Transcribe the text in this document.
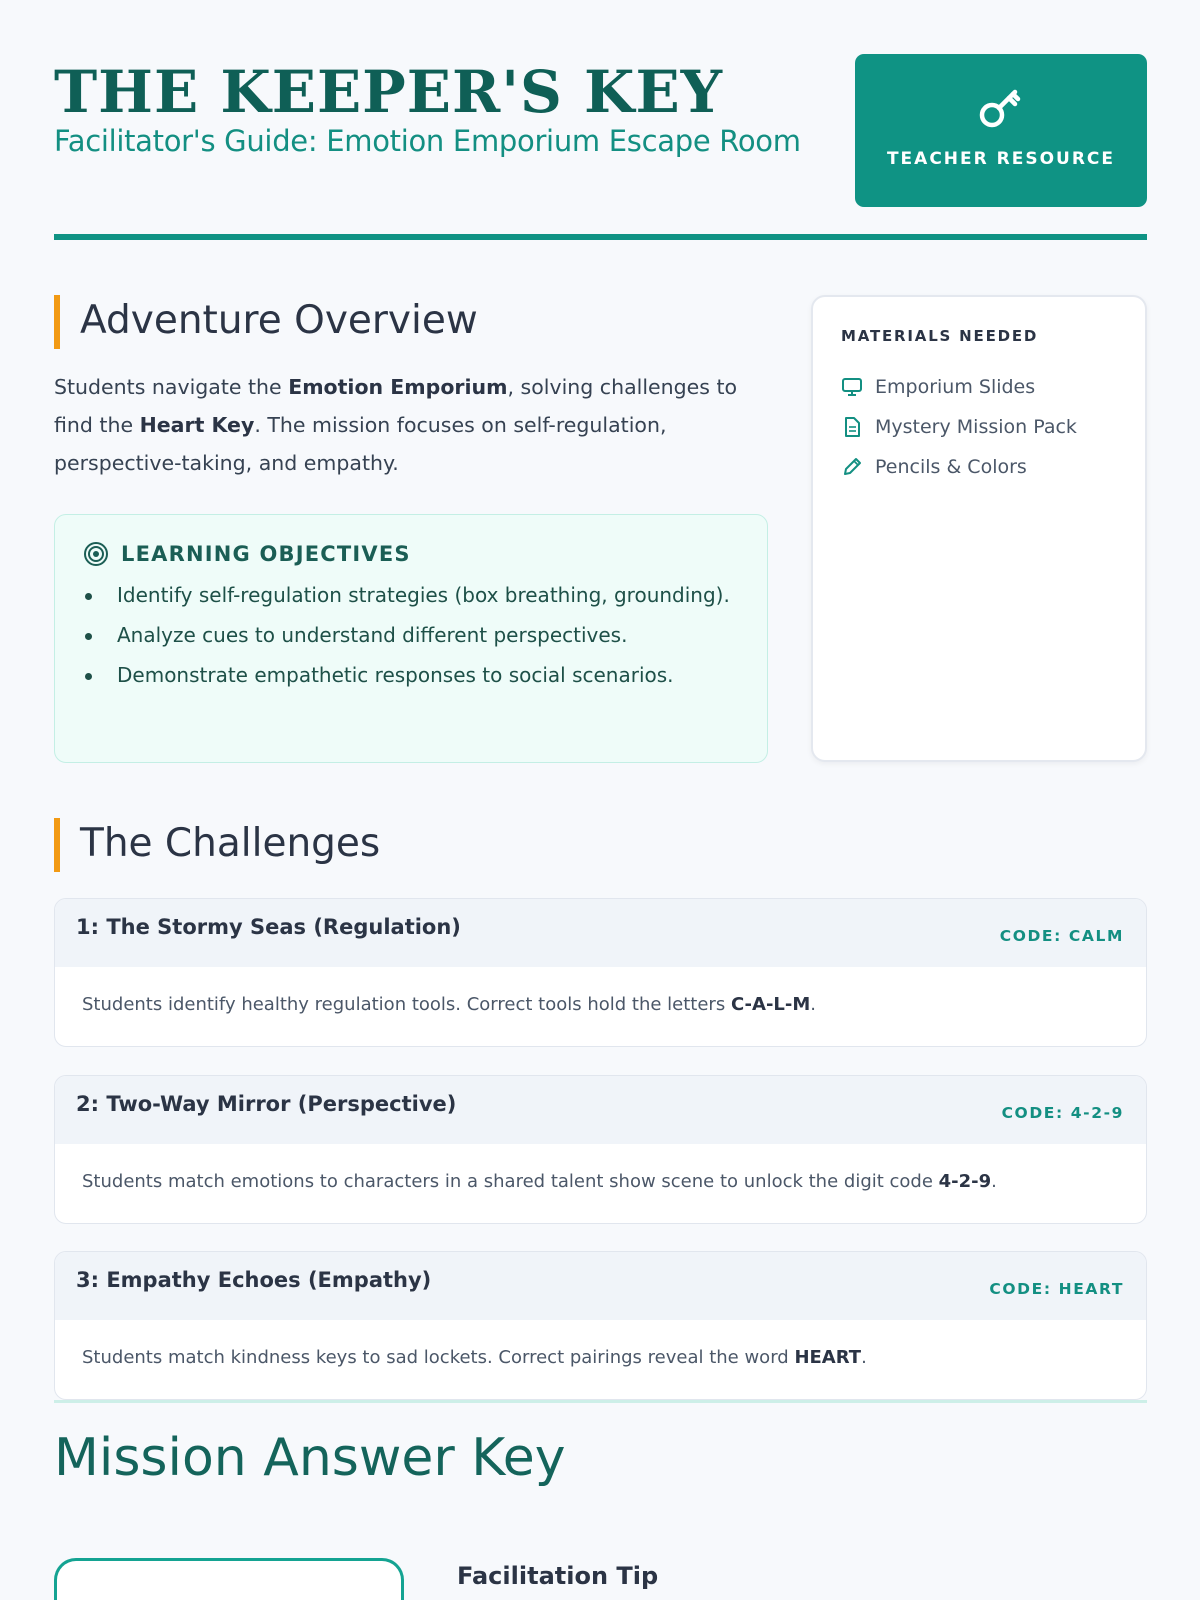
THE KEEPER'S KEY
Facilitator's Guide: Emotion Emporium Escape Room
TEACHER RESOURCE
Adventure Overview

Students navigate the Emotion Emporium, solving challenges to find the Heart Key. The mission focuses on self-regulation, perspective-taking, and empathy.

LEARNING OBJECTIVES
Identify self-regulation strategies (box breathing, grounding).
Analyze cues to understand different perspectives.
Demonstrate empathetic responses to social scenarios.
MATERIALS NEEDED
Emporium Slides
Mystery Mission Pack
Pencils & Colors
The Challenges
1: The Stormy Seas (Regulation)	CODE: CALM
Students identify healthy regulation tools. Correct tools hold the letters C-A-L-M.
2: Two-Way Mirror (Perspective)	CODE: 4-2-9
Students match emotions to characters in a shared talent show scene to unlock the digit code 4-2-9.
3: Empathy Echoes (Empathy)	CODE: HEART
Students match kindness keys to sad lockets. Correct pairings reveal the word HEART.
Mission Answer Key
Facilitation Tip
